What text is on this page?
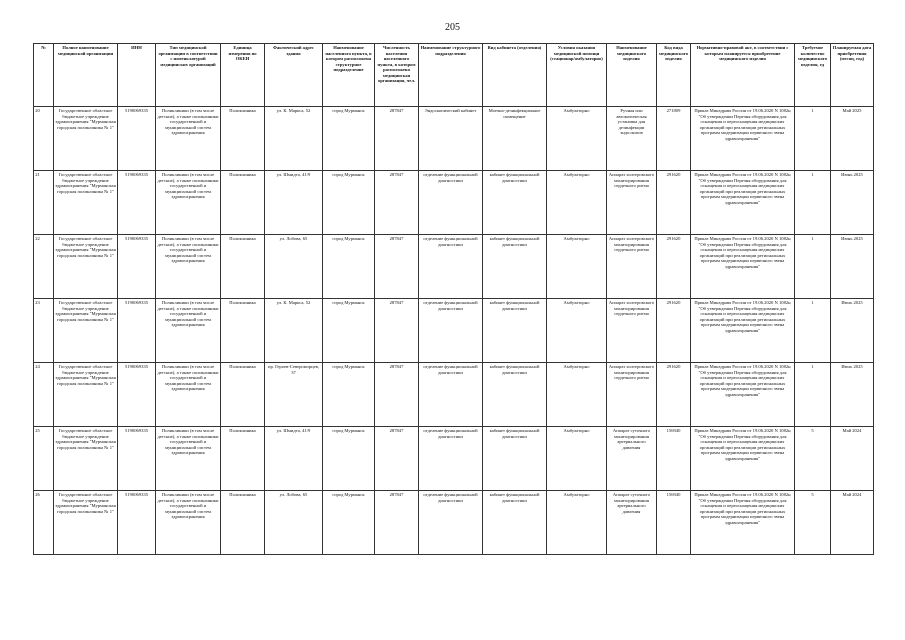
205
№	Полное наименование медицинской организации	ИНН	Тип медицинской организации в соответствии с номенклатурой медицинских организаций	Единица измерения по ОКЕИ	Фактический адрес здания	Наименование населенного пункта, в котором расположена структурное подразделение	Численность населения населенного пункта, в котором расположена медицинская организация, чел.	Наименование структурного подразделения	Вид кабинета (отделения)	Условия оказания медицинской помощи (стационар/амбулаторно)	Наименование медицинского изделия	Код вида медицинского изделия	Нормативно-правовой акт, в соответствии с которым планируется приобретение медицинского изделия	Требуемое количество медицинского изделия, ед	Планируемая дата приобретения (месяц, год)
20	Государственное областное бюджетное учреждение здравоохранения "Мурманская городская поликлиника № 1"	5190069335	Поликлиники (в том числе детские), а также поликлиники государственной и муниципальной систем здравоохранения	Поликлиника	ул. К. Маркса, 52	город Мурманск	287847	Эндоскопический кабинет	Моечно-дезинфекционное помещение	Амбулаторно	Ручная или автоматическая установка для дезинфекции эндоскопов	271809	Приказ Минздрава России от 19.06.2020 N 1082н "Об утверждении Перечня оборудования для оснащения и переоснащения медицинских организаций при реализации региональных программ модернизации первичного звена здравоохранения"	1	Май 2025
21	Государственное областное бюджетное учреждение здравоохранения "Мурманская городская поликлиника № 1"	5190069335	Поликлиники (в том числе детские), а также поликлиники государственной и муниципальной систем здравоохранения	Поликлиника	ул. Шмидта, 41/9	город Мурманск	287847	отделение функциональной диагностики	кабинет функциональной диагностики	Амбулаторно	Аппарат холтеровского мониторирования сердечного ритма	291620	Приказ Минздрава России от 19.06.2020 N 1082н "Об утверждении Перечня оборудования для оснащения и переоснащения медицинских организаций при реализации региональных программ модернизации первичного звена здравоохранения"	1	Июнь 2025
22	Государственное областное бюджетное учреждение здравоохранения "Мурманская городская поликлиника № 1"	5190069335	Поликлиники (в том числе детские), а также поликлиники государственной и муниципальной систем здравоохранения	Поликлиника	ул. Лобова, 65	город Мурманск	287847	отделение функциональной диагностики	кабинет функциональной диагностики	Амбулаторно	Аппарат холтеровского мониторирования сердечного ритма	291620	Приказ Минздрава России от 19.06.2020 N 1082н "Об утверждении Перечня оборудования для оснащения и переоснащения медицинских организаций при реализации региональных программ модернизации первичного звена здравоохранения"	1	Июнь 2025
23	Государственное областное бюджетное учреждение здравоохранения "Мурманская городская поликлиника № 1"	5190069335	Поликлиники (в том числе детские), а также поликлиники государственной и муниципальной систем здравоохранения	Поликлиника	ул. К. Маркса, 52	город Мурманск	287847	отделение функциональной диагностики	кабинет функциональной диагностики	Амбулаторно	Аппарат холтеровского мониторирования сердечного ритма	291620	Приказ Минздрава России от 19.06.2020 N 1082н "Об утверждении Перечня оборудования для оснащения и переоснащения медицинских организаций при реализации региональных программ модернизации первичного звена здравоохранения"	1	Июль 2025
24	Государственное областное бюджетное учреждение здравоохранения "Мурманская городская поликлиника № 1"	5190069335	Поликлиники (в том числе детские), а также поликлиники государственной и муниципальной систем здравоохранения	Поликлиника	пр. Героев-Североморцев, 37	город Мурманск	287847	отделение функциональной диагностики	кабинет функциональной диагностики	Амбулаторно	Аппарат холтеровского мониторирования сердечного ритма	291620	Приказ Минздрава России от 19.06.2020 N 1082н "Об утверждении Перечня оборудования для оснащения и переоснащения медицинских организаций при реализации региональных программ модернизации первичного звена здравоохранения"	1	Июль 2025
25	Государственное областное бюджетное учреждение здравоохранения "Мурманская городская поликлиника № 1"	5190069335	Поликлиники (в том числе детские), а также поликлиники государственной и муниципальной систем здравоохранения	Поликлиника	ул. Шмидта, 41/9	город Мурманск	287847	отделение функциональной диагностики	кабинет функциональной диагностики	Амбулаторно	Аппарат суточного мониторирования артериального давления	156940	Приказ Минздрава России от 19.06.2020 N 1082н "Об утверждении Перечня оборудования для оснащения и переоснащения медицинских организаций при реализации региональных программ модернизации первичного звена здравоохранения"	5	Май 2024
26	Государственное областное бюджетное учреждение здравоохранения "Мурманская городская поликлиника № 1"	5190069335	Поликлиники (в том числе детские), а также поликлиники государственной и муниципальной систем здравоохранения	Поликлиника	ул. Лобова, 65	город Мурманск	287847	отделение функциональной диагностики	кабинет функциональной диагностики	Амбулаторно	Аппарат суточного мониторирования артериального давления	156940	Приказ Минздрава России от 19.06.2020 N 1082н "Об утверждении Перечня оборудования для оснащения и переоснащения медицинских организаций при реализации региональных программ модернизации первичного звена здравоохранения"	5	Май 2024
